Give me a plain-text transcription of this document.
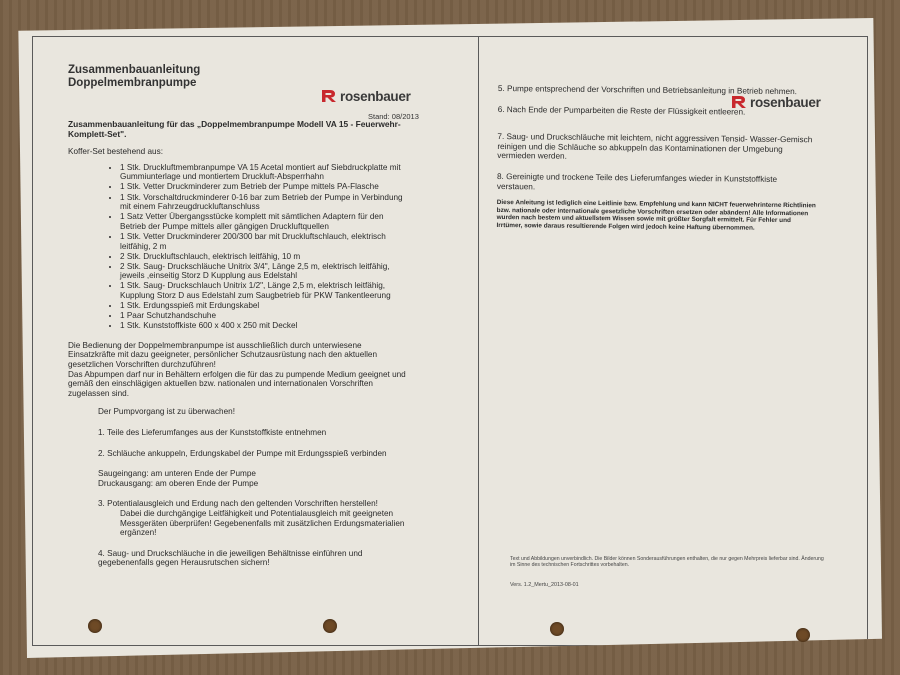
rosenbauer
Stand: 08/2013
rosenbauer
Zusammenbauanleitung
Doppelmembranpumpe
Zusammenbauanleitung für das „Doppelmembranpumpe Modell VA 15 - Feuerwehr-Komplett-Set".
Koffer-Set bestehend aus:
• 1 Stk. Druckluftmembranpumpe VA 15 Acetal montiert auf Siebdruckplatte mit Gummiunterlage und montiertem Druckluft-Absperrhahn
• 1 Stk. Vetter Druckminderer zum Betrieb der Pumpe mittels PA-Flasche
• 1 Stk. Vorschaltdruckminderer 0-16 bar zum Betrieb der Pumpe in Verbindung mit einem Fahrzeugdruckluftanschluss
• 1 Satz Vetter Übergangsstücke komplett mit sämtlichen Adaptern für den Betrieb der Pumpe mittels aller gängigen Druckluftquellen
• 1 Stk. Vetter Druckminderer 200/300 bar mit Druckluftschlauch, elektrisch leitfähig, 2 m
• 2 Stk. Druckluftschlauch, elektrisch leitfähig, 10 m
• 2 Stk. Saug- Druckschläuche Unitrix 3/4", Länge 2,5 m, elektrisch leitfähig, jeweils ,einseitig Storz D Kupplung aus Edelstahl
• 1 Stk. Saug- Druckschlauch Unitrix 1/2", Länge 2,5 m, elektrisch leitfähig, Kupplung Storz D aus Edelstahl zum Saugbetrieb für PKW Tankentleerung
• 1 Stk. Erdungsspieß mit Erdungskabel
• 1 Paar Schutzhandschuhe
• 1 Stk. Kunststoffkiste 600 x 400 x 250 mit Deckel
Die Bedienung der Doppelmembranpumpe ist ausschließlich durch unterwiesene Einsatzkräfte mit dazu geeigneter, persönlicher Schutzausrüstung nach den aktuellen gesetzlichen Vorschriften durchzuführen!
Das Abpumpen darf nur in Behältern erfolgen die für das zu pumpende Medium geeignet und gemäß den einschlägigen aktuellen bzw. nationalen und internationalen Vorschriften zugelassen sind.
Der Pumpvorgang ist zu überwachen!
1. Teile des Lieferumfanges aus der Kunststoffkiste entnehmen
2. Schläuche ankuppeln, Erdungskabel der Pumpe mit Erdungsspieß verbinden
Saugeingang: am unteren Ende der Pumpe
Druckausgang: am oberen Ende der Pumpe
3. Potentialausgleich und Erdung nach den geltenden Vorschriften herstellen!
Dabei die durchgängige Leitfähigkeit und Potentialausgleich mit geeigneten Messgeräten überprüfen! Gegebenenfalls mit zusätzlichen Erdungsmaterialien ergänzen!
4. Saug- und Druckschläuche in die jeweiligen Behältnisse einführen und gegebenenfalls gegen Herausrutschen sichern!
5. Pumpe entsprechend der Vorschriften und Betriebsanleitung in Betrieb nehmen.
6. Nach Ende der Pumparbeiten die Reste der Flüssigkeit entleeren.
7. Saug- und Druckschläuche mit leichtem, nicht aggressiven Tensid- Wasser-Gemisch reinigen und die Schläuche so abkuppeln das Kontaminationen der Umgebung vermieden werden.
8. Gereinigte und trockene Teile des Lieferumfanges wieder in Kunststoffkiste verstauen.
Diese Anleitung ist lediglich eine Leitlinie bzw. Empfehlung und kann NICHT feuerwehrinterne Richtlinien bzw. nationale oder internationale gesetzliche Vorschriften ersetzen oder abändern! Alle Informationen wurden nach bestem und aktuellstem Wissen sowie mit größter Sorgfalt ermittelt. Für Fehler und Irrtümer, sowie daraus resultierende Folgen wird jedoch keine Haftung übernommen.
Text und Abbildungen unverbindlich. Die Bilder können Sonderausführungen enthalten, die nur gegen Mehrpreis lieferbar sind. Änderung im Sinne des technischen Fortschrittes vorbehalten.
Vers. 1.2_Mertu_2013-08-01
